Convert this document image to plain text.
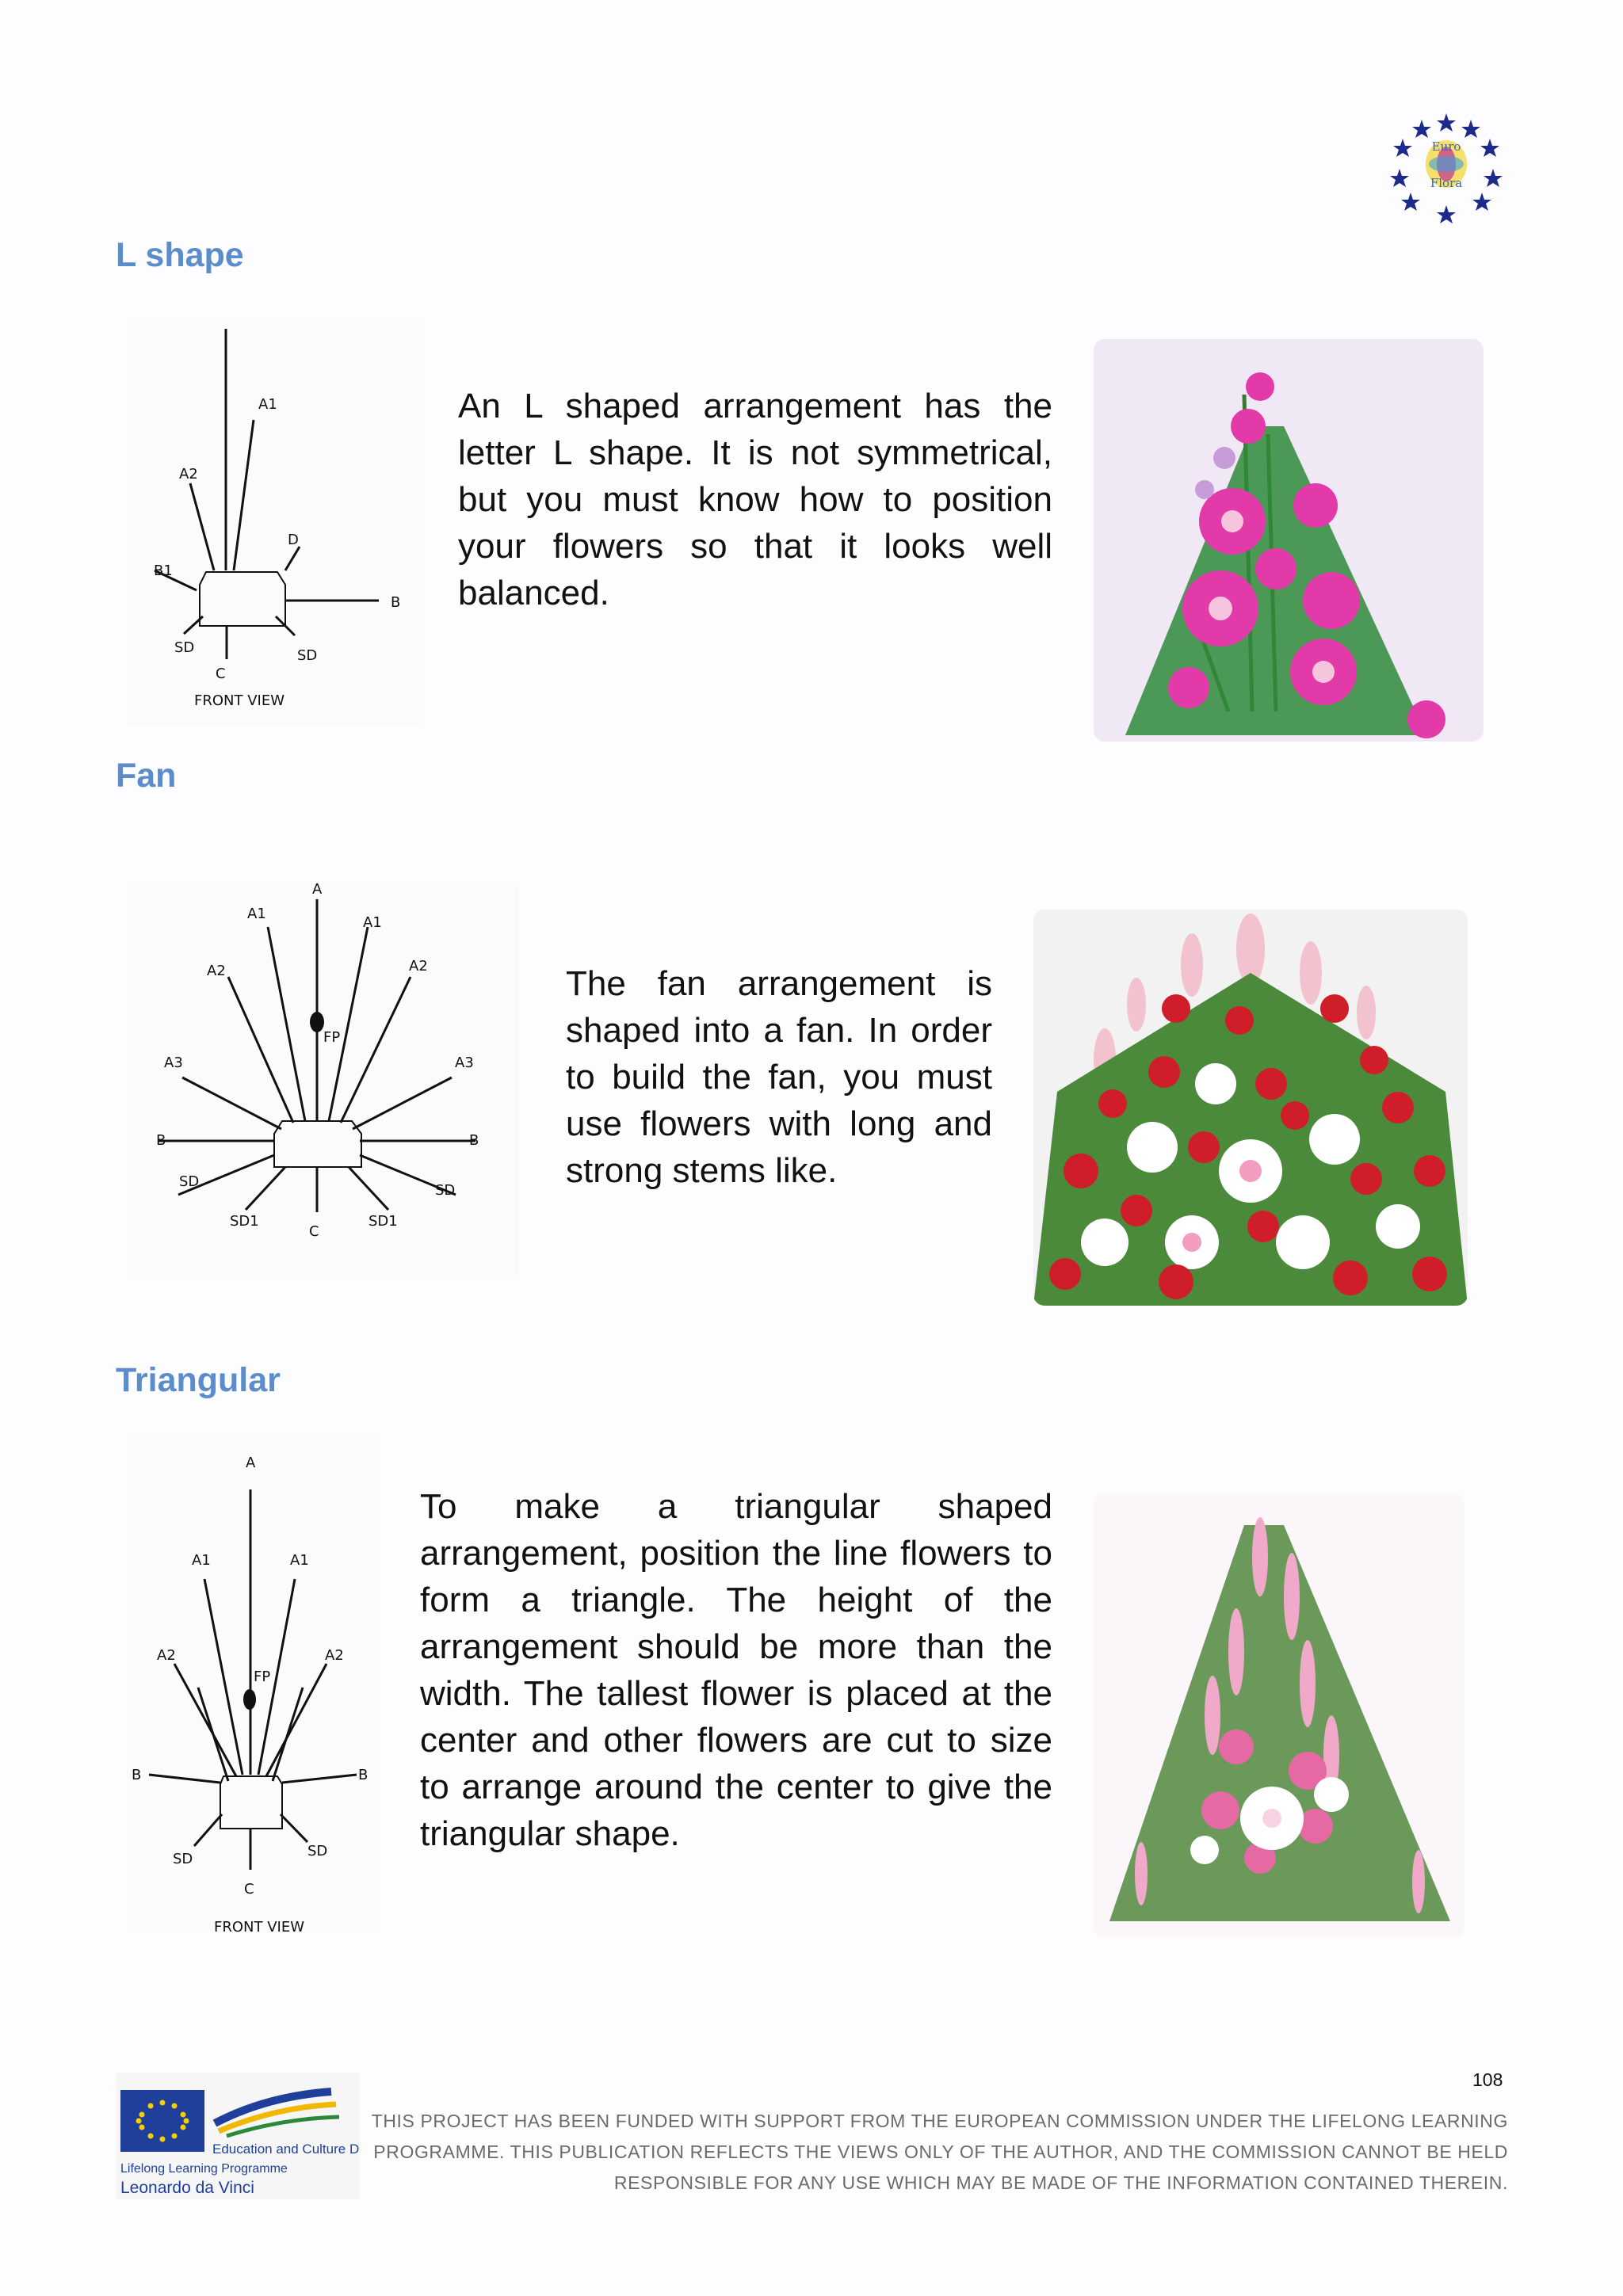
Euro
Flora
L shape
A1
A2
D
B1
B
SD	SD
C
FRONT VIEW
An L shaped arrangement has the letter L shape. It is not symmetrical, but you must know how to position your flowers so that it looks well balanced.
Fan
A
A1
A1
A2	A2
FP
A3	A3
B	B
SD
SD
SD1	SD1
C
The fan arrangement is shaped into a fan. In order to build the fan, you must use flowers with long and strong stems like.
Triangular
A
A1	A1
A2	A2
FP
B	B
SD	SD
C
FRONT VIEW
To make a triangular shaped arrangement, position the line flowers to form a triangle. The height of the arrangement should be more than the width. The tallest flower is placed at the center and other flowers are cut to size to arrange around the center to give the triangular shape.
108
Education and Culture DG
Lifelong Learning Programme
Leonardo da Vinci
THIS PROJECT HAS BEEN FUNDED WITH SUPPORT FROM THE EUROPEAN COMMISSION UNDER THE LIFELONG LEARNING
PROGRAMME. THIS PUBLICATION REFLECTS THE VIEWS ONLY OF THE AUTHOR, AND THE COMMISSION CANNOT BE HELD
RESPONSIBLE FOR ANY USE WHICH MAY BE MADE OF THE INFORMATION CONTAINED THEREIN.
